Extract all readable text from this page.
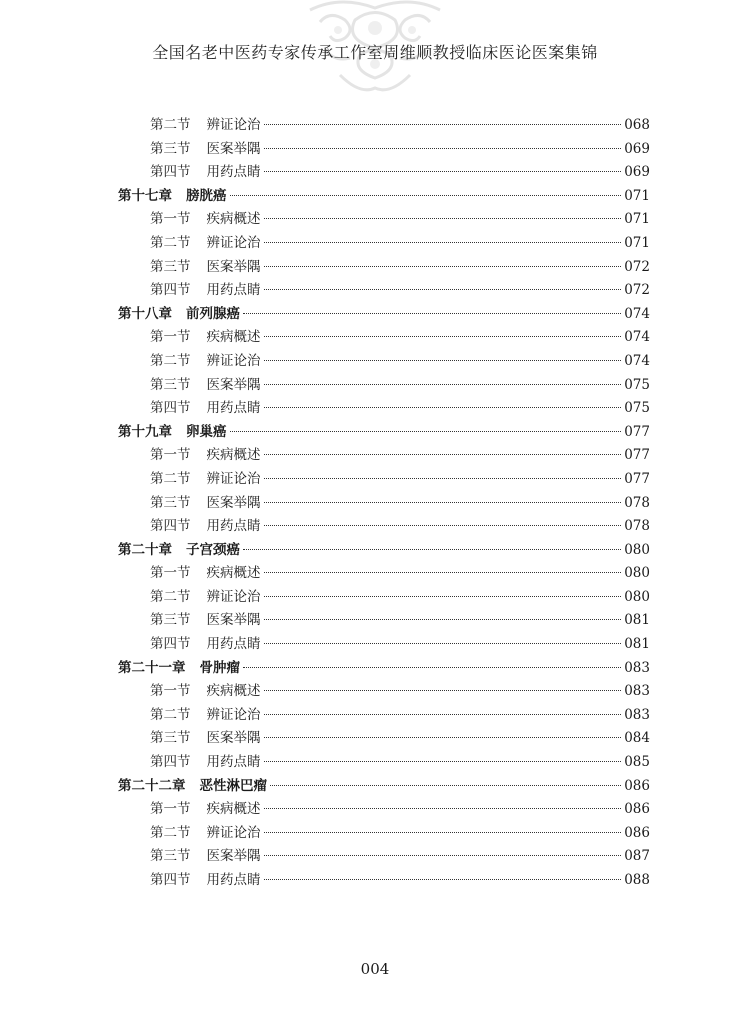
全国名老中医药专家传承工作室周维顺教授临床医论医案集锦
第二节 辨证论治	068
第三节 医案举隅	069
第四节 用药点睛	069
第十七章 膀胱癌	071
第一节 疾病概述	071
第二节 辨证论治	071
第三节 医案举隅	072
第四节 用药点睛	072
第十八章 前列腺癌	074
第一节 疾病概述	074
第二节 辨证论治	074
第三节 医案举隅	075
第四节 用药点睛	075
第十九章 卵巢癌	077
第一节 疾病概述	077
第二节 辨证论治	077
第三节 医案举隅	078
第四节 用药点睛	078
第二十章 子宫颈癌	080
第一节 疾病概述	080
第二节 辨证论治	080
第三节 医案举隅	081
第四节 用药点睛	081
第二十一章 骨肿瘤	083
第一节 疾病概述	083
第二节 辨证论治	083
第三节 医案举隅	084
第四节 用药点睛	085
第二十二章 恶性淋巴瘤	086
第一节 疾病概述	086
第二节 辨证论治	086
第三节 医案举隅	087
第四节 用药点睛	088
004
